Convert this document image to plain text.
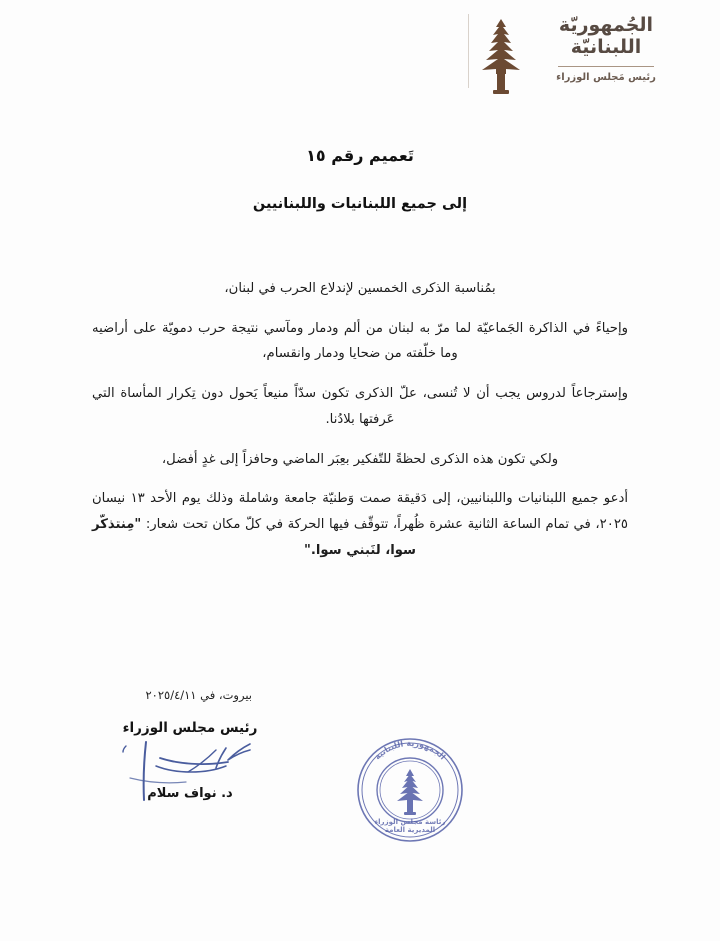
الجُمهوريّة
اللبنانيّة
رئيس مَجلس الوزراء
تَعميم رقم ١٥
إلى جميع اللبنانيات واللبنانيين

بمُناسبة الذكرى الخمسين لإندلاع الحرب في لبنان،

وإحياءً في الذاكرة الجَماعيّة لما مرّ به لبنان من ألم ودمار ومآسي نتيجة حرب دمويّة على أراضيه وما خلّفته من ضحايا ودمار وانقسام،

وإسترجاعاً لدروس يجب أن لا تُنسى، علّ الذكرى تكون سدّاً منيعاً يَحول دون تِكرار المأساة التي عَرفتها بلادُنا.

ولكي تكون هذه الذكرى لحظةً للتّفكير بعِبَر الماضي وحافزاً إلى غدٍ أفضل،

أدعو جميع اللبنانيات واللبنانيين، إلى دَقيقة صمت وَطنيّة جامعة وشاملة وذلك يوم الأحد ١٣ نيسان ٢٠٢٥، في تمام الساعة الثانية عشرة ظُهراً، تتوقّف فيها الحركة في كلّ مكان تحت شعار: "مِنتذكّر سوا، لنَبني سوا."

بيروت، في ٢٠٢٥/٤/١١
رئيس مجلس الوزراء
د. نواف سلام
المديرية العامة
رئاسة مجلس الوزراء
الجمهورية اللبنانية
